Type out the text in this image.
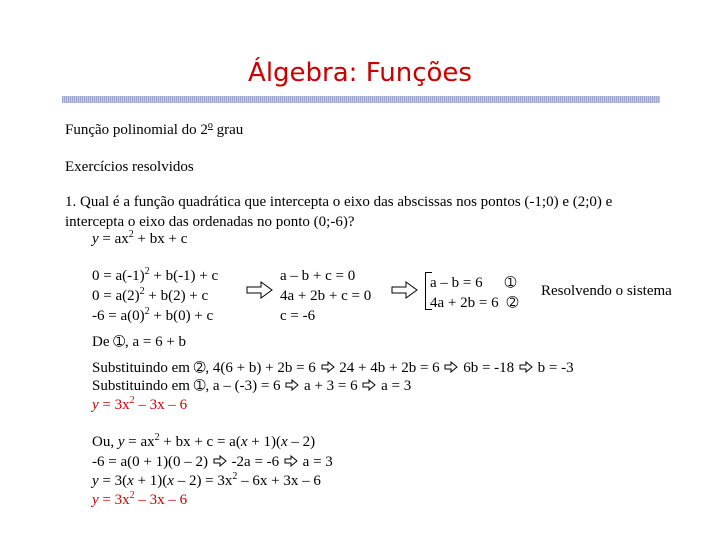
Álgebra: Funções
Função polinomial do 2$^o$ grau
Exercícios resolvidos
1. Qual é a função quadrática que intercepta o eixo das abscissas nos pontos (-1;0) e (2;0) e
intercepta o eixo das ordenadas no ponto (0;-6)?
$y = ax^2$ + bx + c
$0 = a(-1)^2 + b(-1) + c$
$0 = a(2)^2 + b(2) + c$
$-6 = a(0)^2 + b(0) + c$
a – b + c = 0
4a + 2b + c = 0
c = -6
a – b = 6 ➀
4a + 2b = 6 ➁
Resolvendo o sistema
De ➀, a = 6 + b
Substituindo em ➁, 4(6 + b) + 2b = 6  24 + 4b + 2b = 6  6b = -18  b = -3
Substituindo em ➀, a – (-3) = 6  a + 3 = 6  a = 3
$y = 3x^2 - 3x - 6$
Ou, $y = ax^2$ + bx + c = a(x + 1)(x – 2)
-6 = a(0 + 1)(0 – 2)  -2a = -6  a = 3
$y = 3(x + 1)(x - 2) = 3x^2 - 6x + 3x - 6$
$y = 3x^2 - 3x - 6$
